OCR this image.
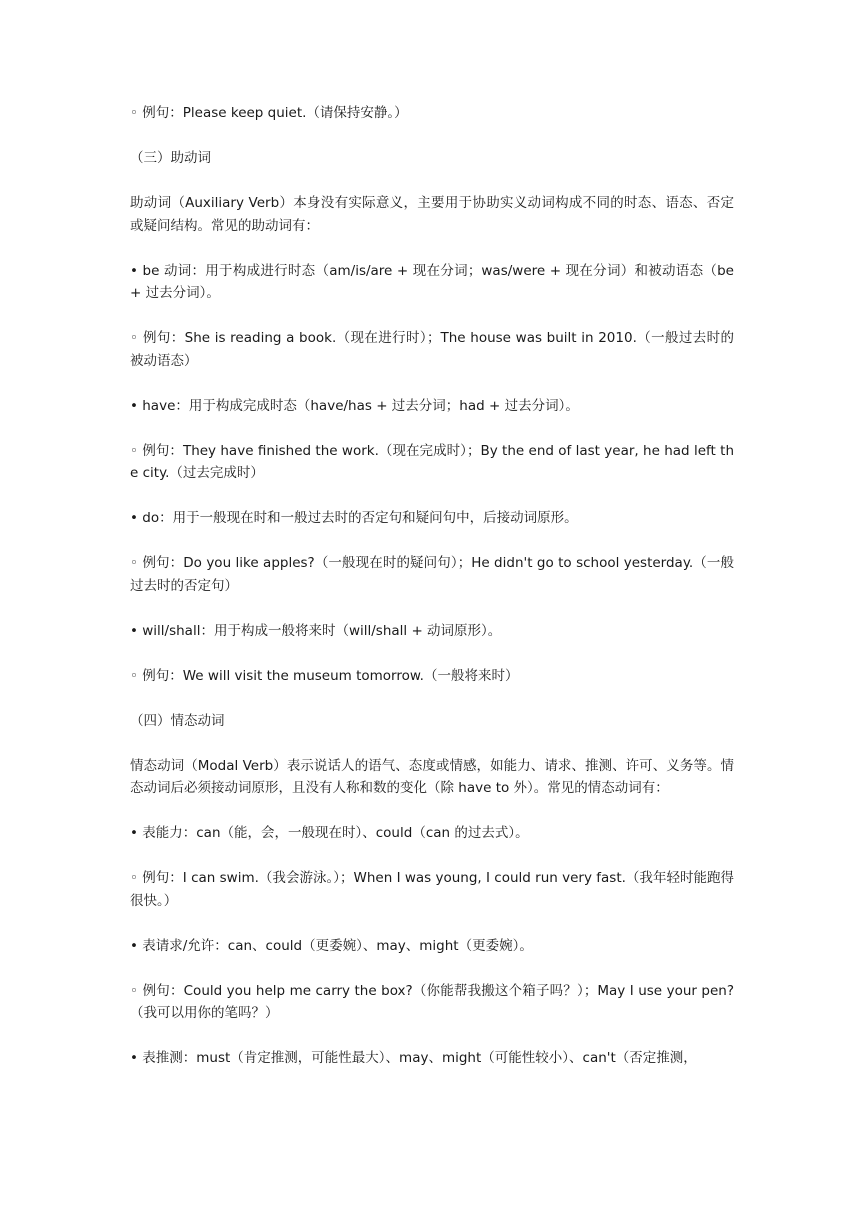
◦ 例句：Please keep quiet.（请保持安静。）

（三）助动词

助动词（Auxiliary Verb）本身没有实际意义，主要用于协助实义动词构成不同的时态、语态、否定或疑问结构。常见的助动词有：

• be 动词：用于构成进行时态（am/is/are + 现在分词；was/were + 现在分词）和被动语态（be + 过去分词）。

◦ 例句：She is reading a book.（现在进行时）；The house was built in 2010.（一般过去时的被动语态）

• have：用于构成完成时态（have/has + 过去分词；had + 过去分词）。

◦ 例句：They have finished the work.（现在完成时）；By the end of last year, he had left the city.（过去完成时）

• do：用于一般现在时和一般过去时的否定句和疑问句中，后接动词原形。

◦ 例句：Do you like apples?（一般现在时的疑问句）；He didn't go to school yesterday.（一般过去时的否定句）

• will/shall：用于构成一般将来时（will/shall + 动词原形）。

◦ 例句：We will visit the museum tomorrow.（一般将来时）

（四）情态动词

情态动词（Modal Verb）表示说话人的语气、态度或情感，如能力、请求、推测、许可、义务等。情态动词后必须接动词原形，且没有人称和数的变化（除 have to 外）。常见的情态动词有：

• 表能力：can（能，会，一般现在时）、could（can 的过去式）。

◦ 例句：I can swim.（我会游泳。）；When I was young, I could run very fast.（我年轻时能跑得很快。）

• 表请求/允许：can、could（更委婉）、may、might（更委婉）。

◦ 例句：Could you help me carry the box?（你能帮我搬这个箱子吗？）；May I use your pen?（我可以用你的笔吗？）

• 表推测：must（肯定推测，可能性最大）、may、might（可能性较小）、can't（否定推测，
